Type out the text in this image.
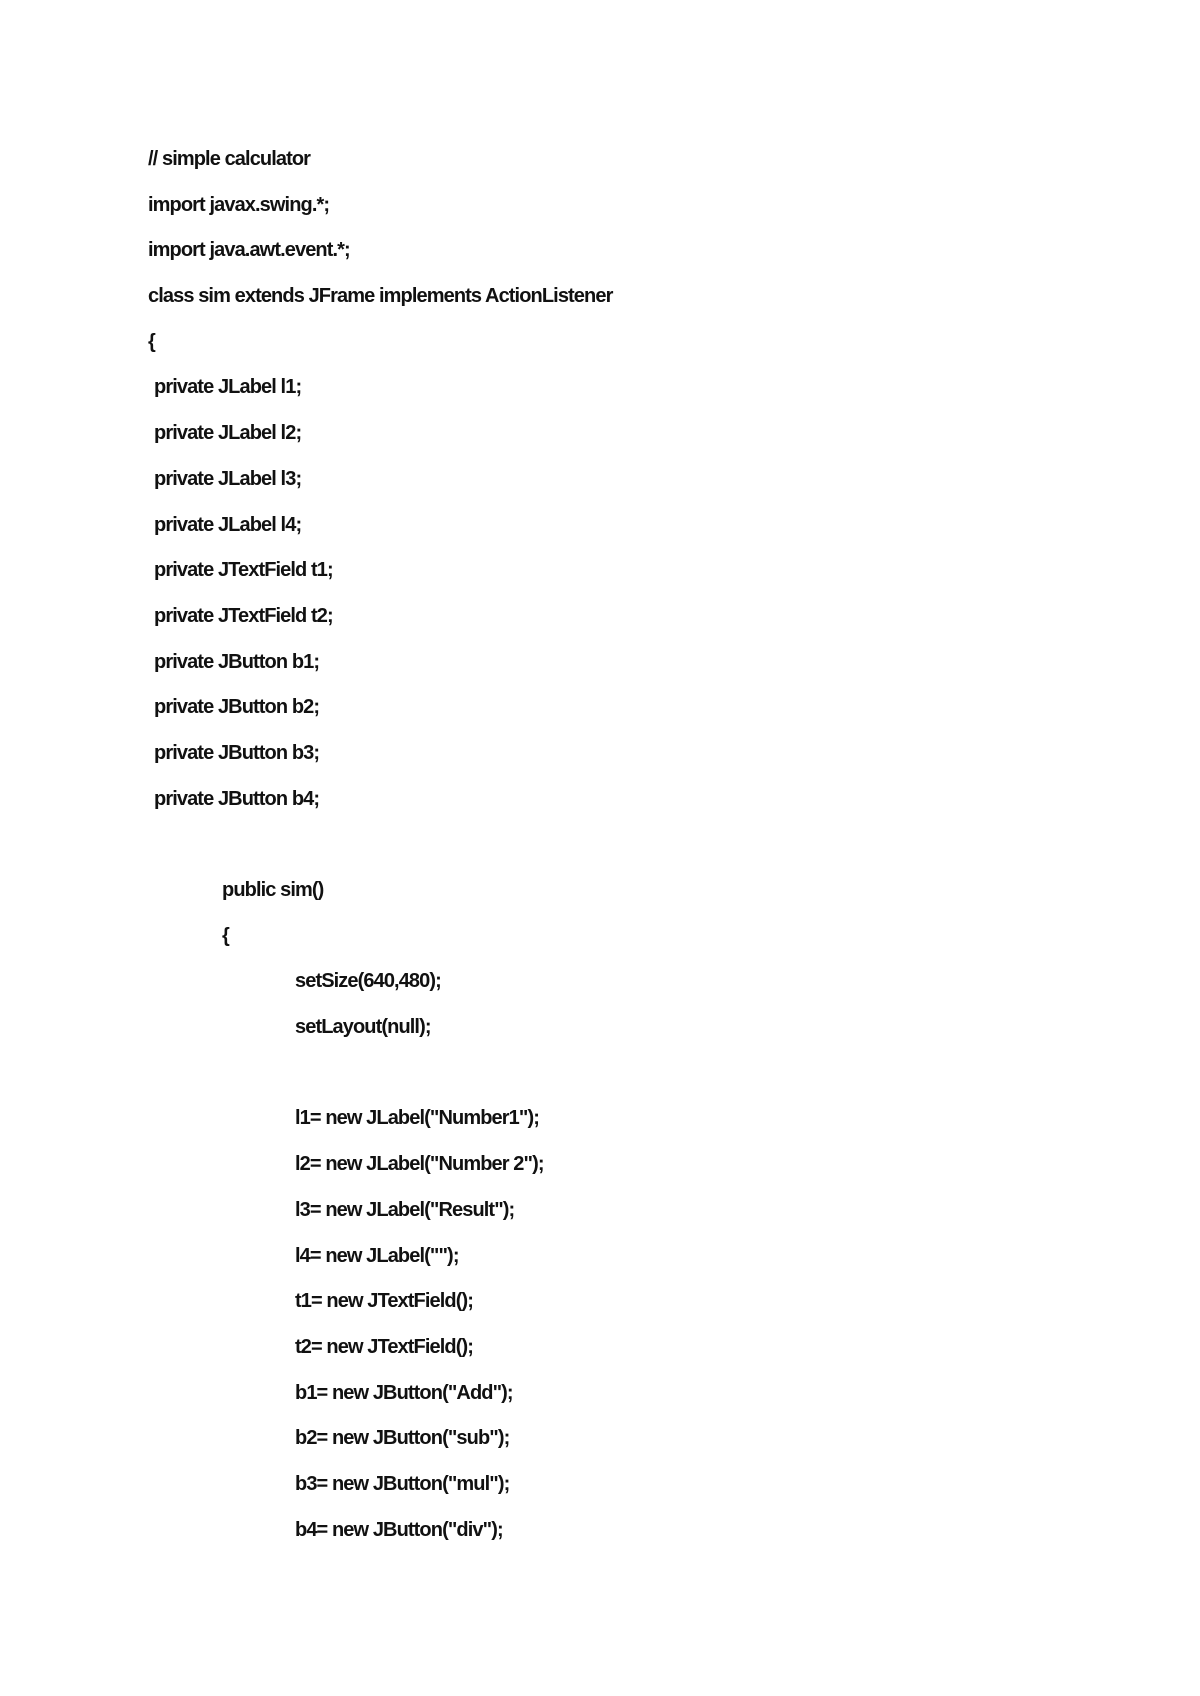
// simple calculator
import javax.swing.*;
import java.awt.event.*;
class sim extends JFrame implements ActionListener
{
private JLabel l1;
private JLabel l2;
private JLabel l3;
private JLabel l4;
private JTextField t1;
private JTextField t2;
private JButton b1;
private JButton b2;
private JButton b3;
private JButton b4;
public sim()
{
setSize(640,480);
setLayout(null);
l1= new JLabel("Number1");
l2= new JLabel("Number 2");
l3= new JLabel("Result");
l4= new JLabel("");
t1= new JTextField();
t2= new JTextField();
b1= new JButton("Add");
b2= new JButton("sub");
b3= new JButton("mul");
b4= new JButton("div");
